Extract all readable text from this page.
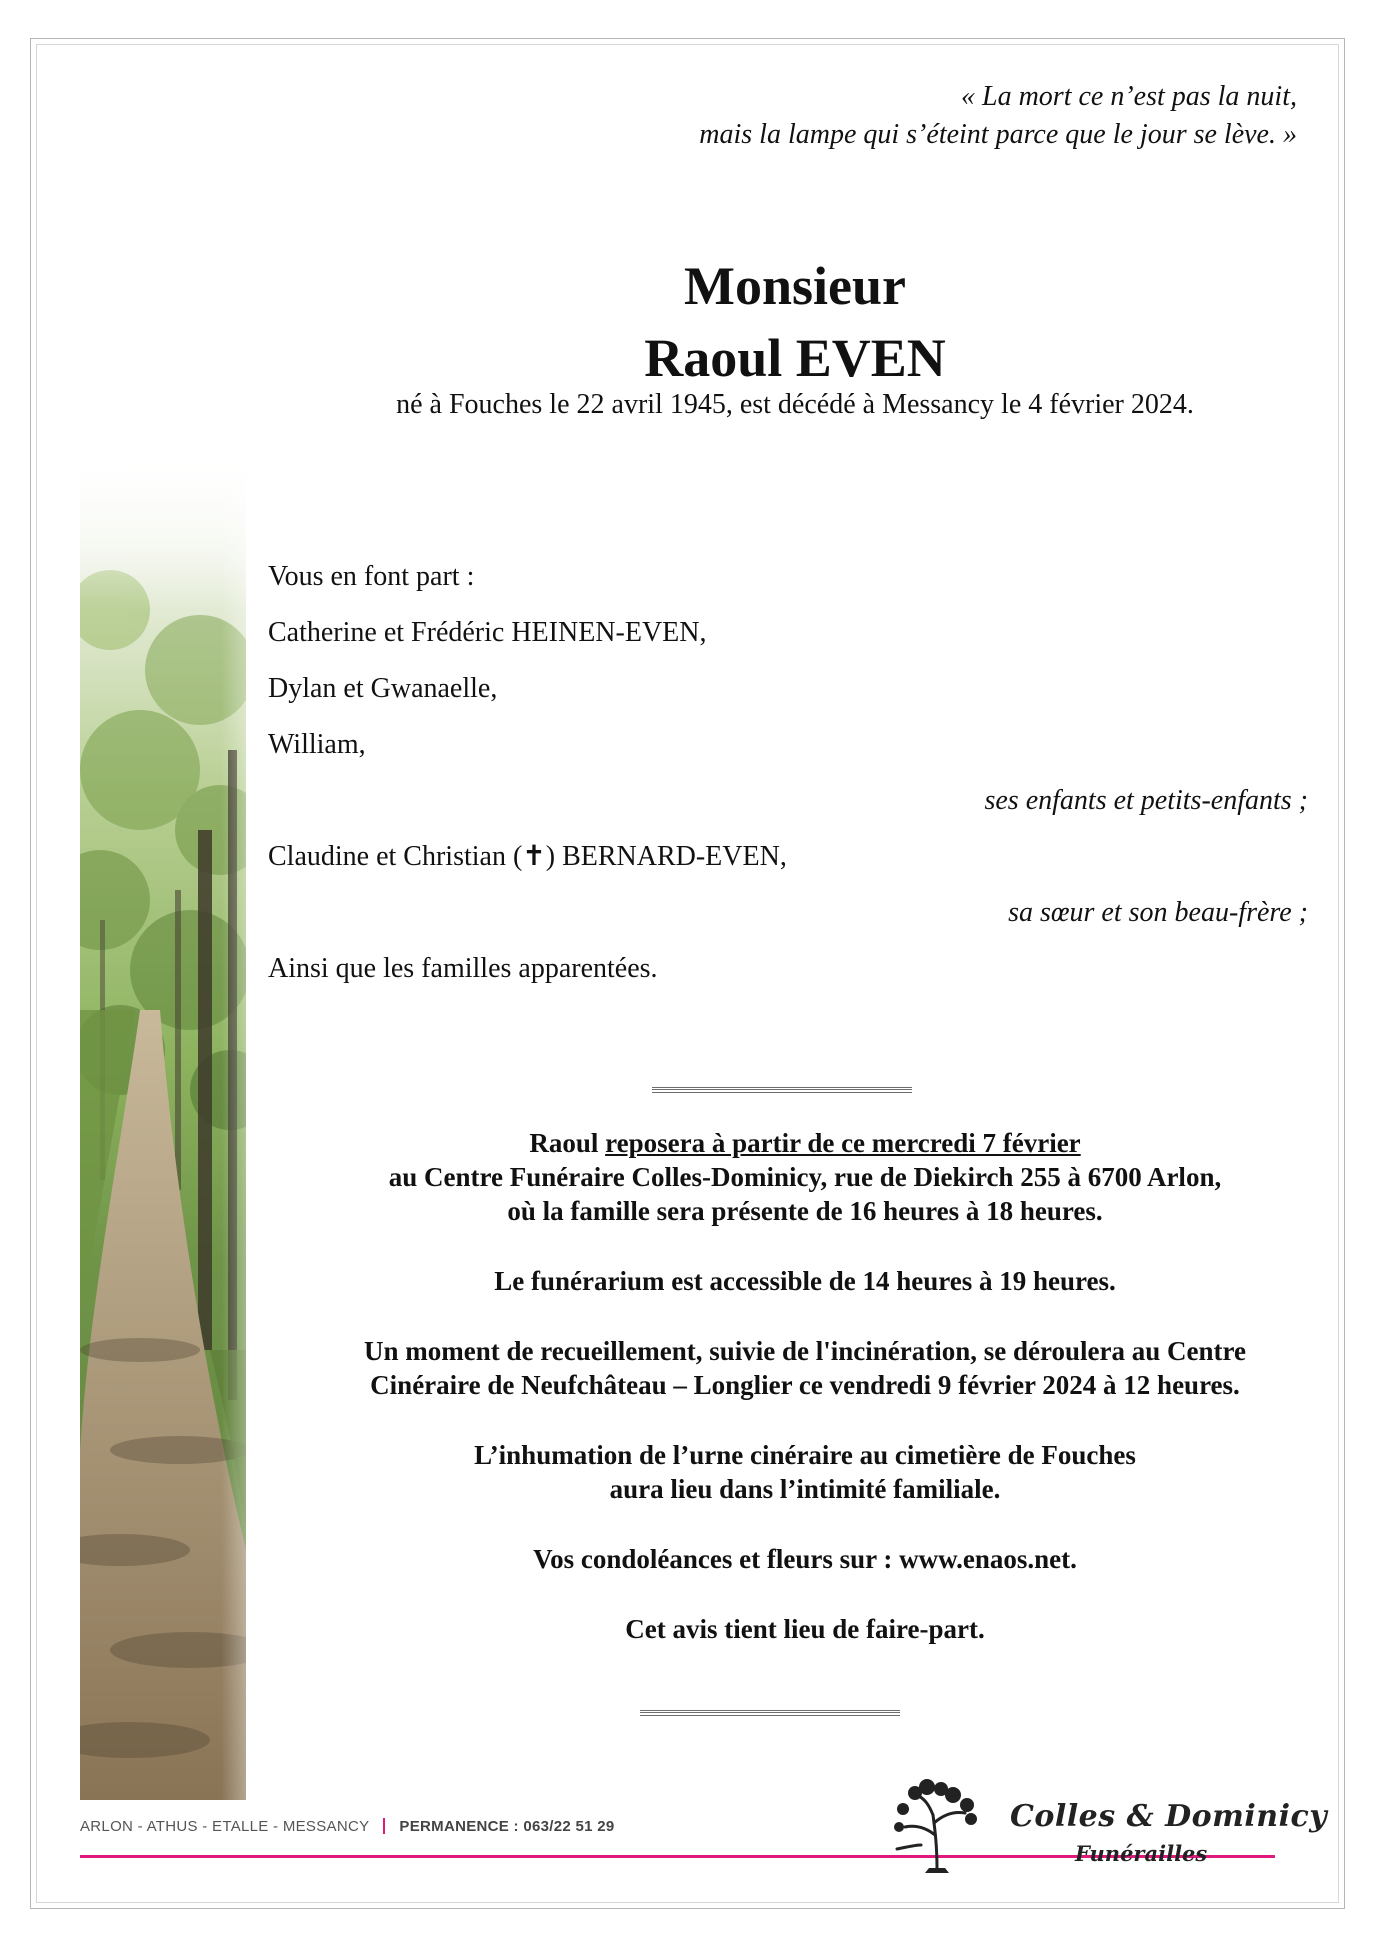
« La mort ce n’est pas la nuit,
mais la lampe qui s’éteint parce que le jour se lève. »
Monsieur
Raoul EVEN
né à Fouches le 22 avril 1945, est décédé à Messancy le 4 février 2024.
Vous en font part :
Catherine et Frédéric HEINEN-EVEN,
Dylan et Gwanaelle,
William,
ses enfants et petits-enfants ;
Claudine et Christian (✝) BERNARD-EVEN,
sa sœur et son beau-frère ;
Ainsi que les familles apparentées.
Raoul reposera à partir de ce mercredi 7 février
au Centre Funéraire Colles-Dominicy, rue de Diekirch 255 à 6700 Arlon,
où la famille sera présente de 16 heures à 18 heures.
Le funérarium est accessible de 14 heures à 19 heures.
Un moment de recueillement, suivie de l'incinération, se déroulera au Centre
Cinéraire de Neufchâteau – Longlier ce vendredi 9 février 2024 à 12 heures.
L’inhumation de l’urne cinéraire au cimetière de Fouches
aura lieu dans l’intimité familiale.
Vos condoléances et fleurs sur : www.enaos.net.
Cet avis tient lieu de faire-part.
ARLON - ATHUS - ETALLE - MESSANCY PERMANENCE : 063/22 51 29	Colles & Dominicy
Funérailles
